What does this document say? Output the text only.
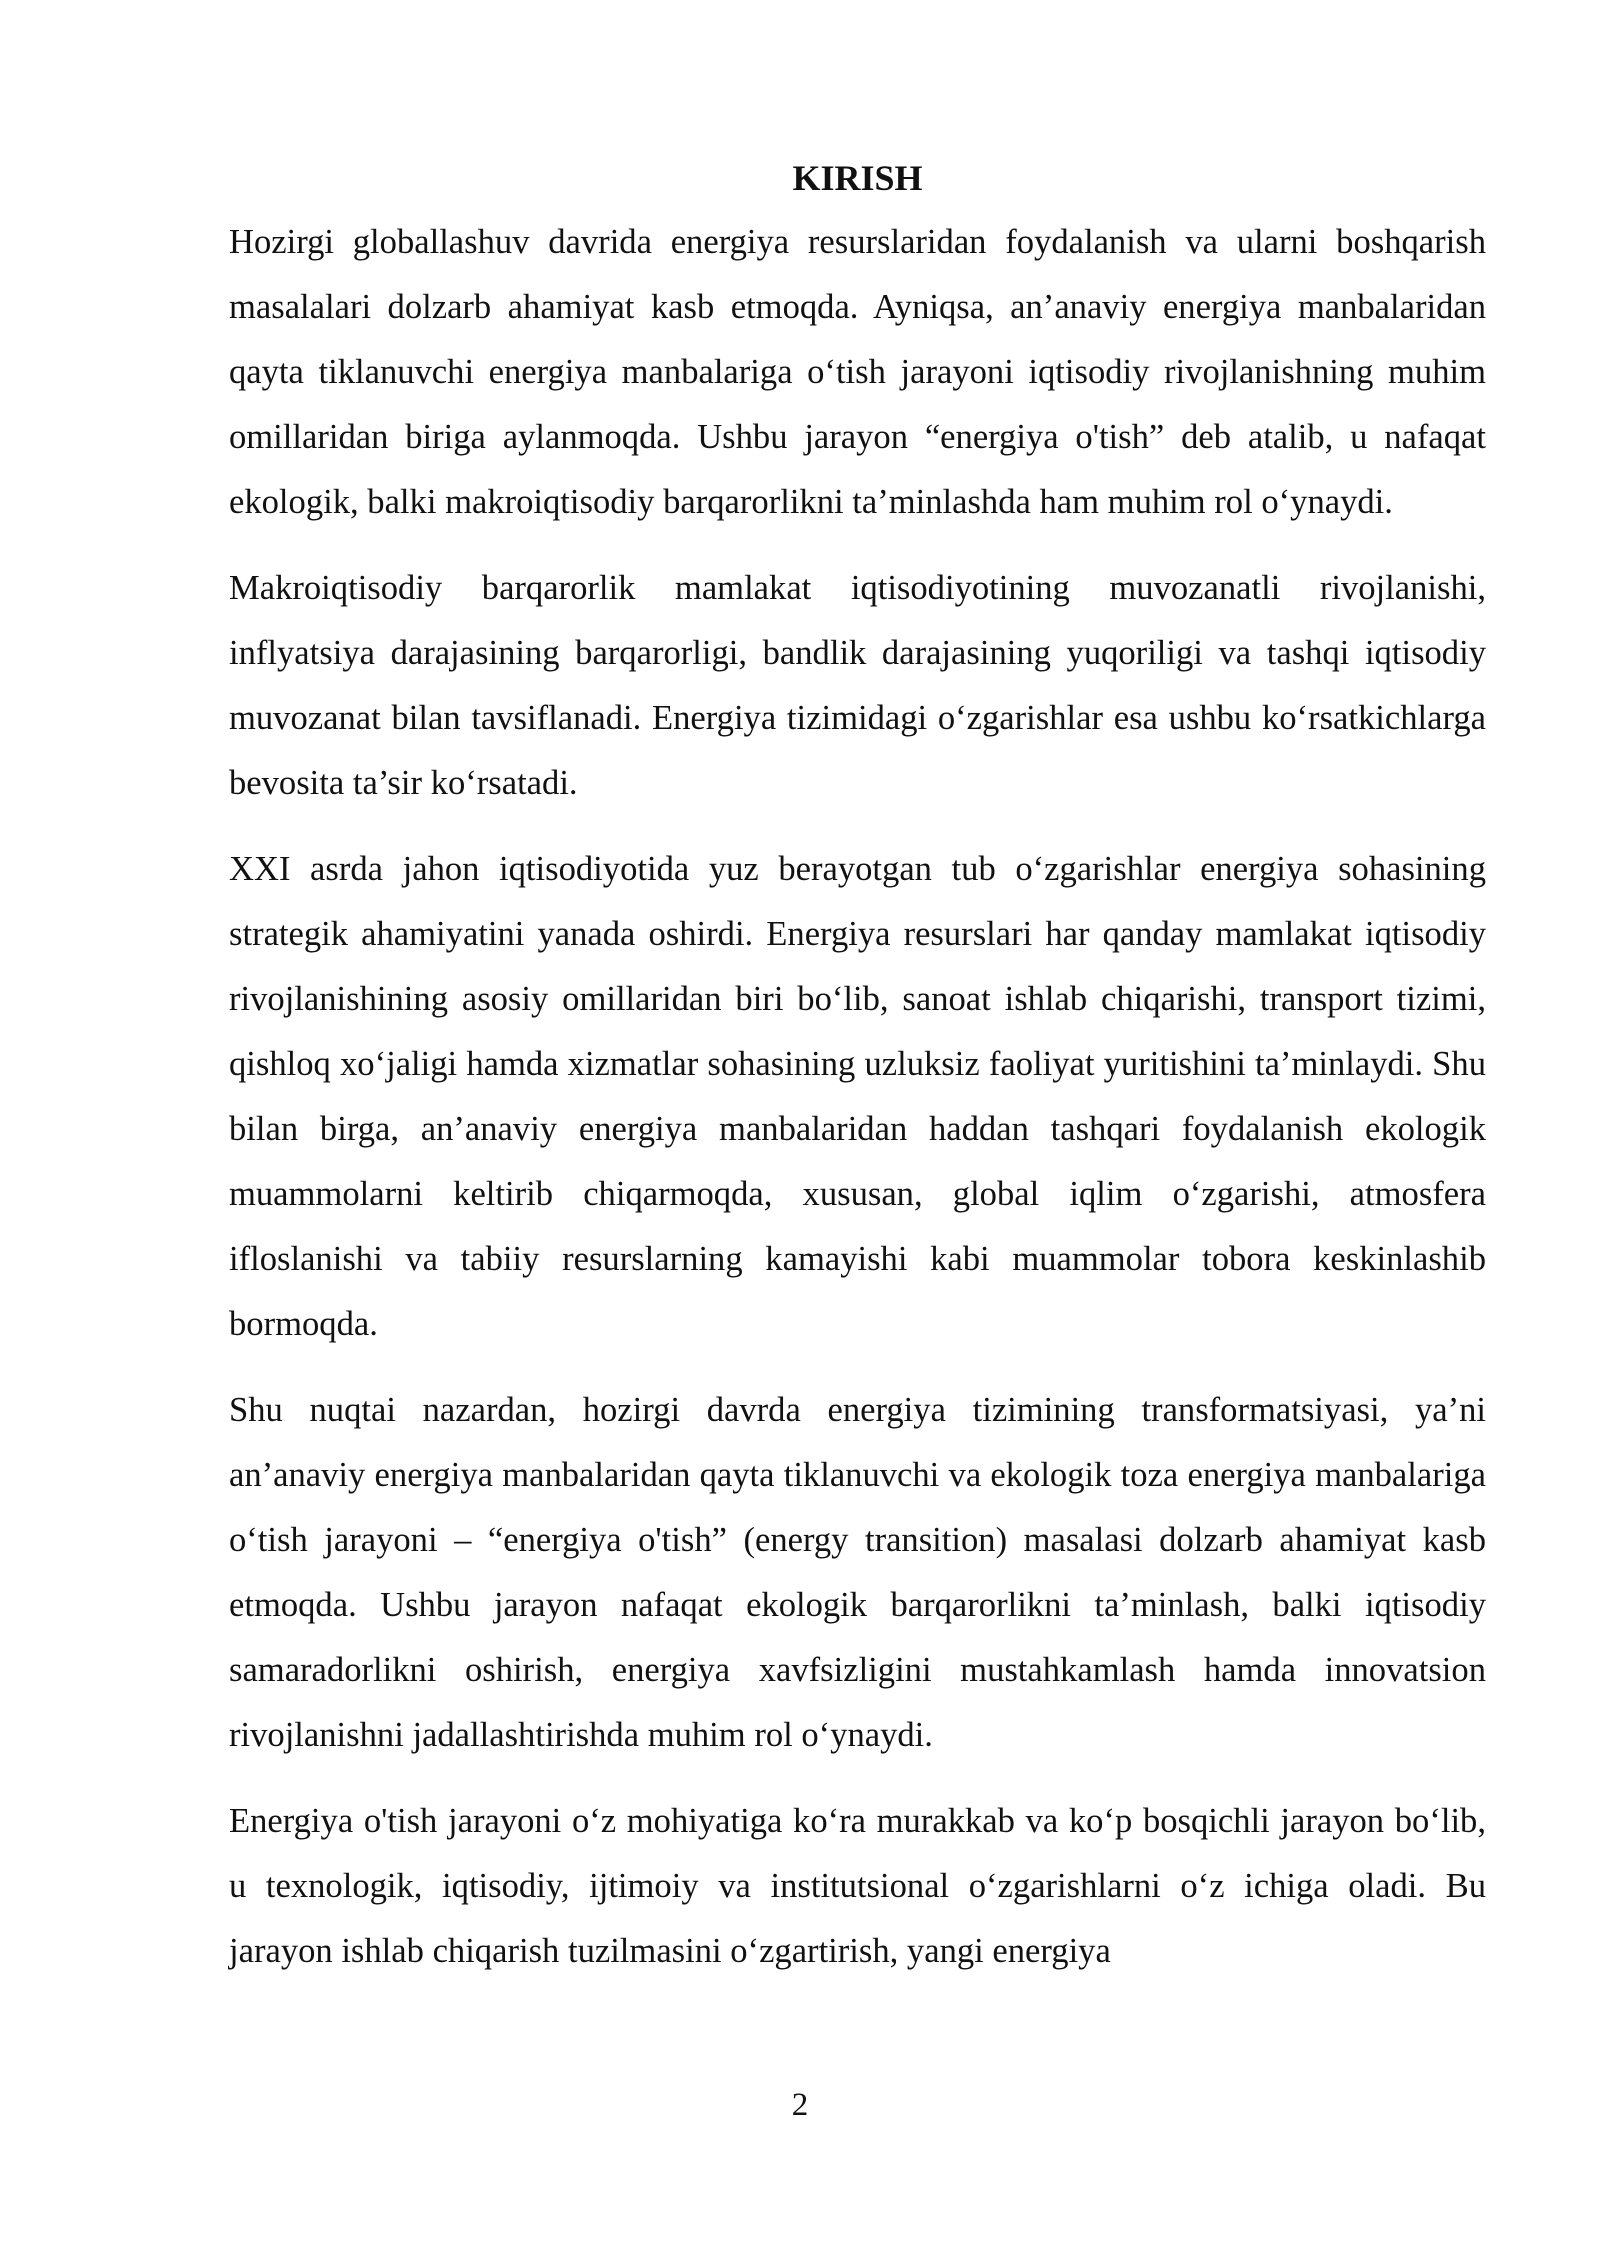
KIRISH

Hozirgi globallashuv davrida energiya resurslaridan foydalanish va ularni boshqarish masalalari dolzarb ahamiyat kasb etmoqda. Ayniqsa, an’anaviy energiya manbalaridan qayta tiklanuvchi energiya manbalariga o‘tish jarayoni iqtisodiy rivojlanishning muhim omillaridan biriga aylanmoqda. Ushbu jarayon “energiya o'tish” deb atalib, u nafaqat ekologik, balki makroiqtisodiy barqarorlikni ta’minlashda ham muhim rol o‘ynaydi.

Makroiqtisodiy barqarorlik mamlakat iqtisodiyotining muvozanatli rivojlanishi, inflyatsiya darajasining barqarorligi, bandlik darajasining yuqoriligi va tashqi iqtisodiy muvozanat bilan tavsiflanadi. Energiya tizimidagi o‘zgarishlar esa ushbu ko‘rsatkichlarga bevosita ta’sir ko‘rsatadi.

XXI asrda jahon iqtisodiyotida yuz berayotgan tub o‘zgarishlar energiya sohasining strategik ahamiyatini yanada oshirdi. Energiya resurslari har qanday mamlakat iqtisodiy rivojlanishining asosiy omillaridan biri bo‘lib, sanoat ishlab chiqarishi, transport tizimi, qishloq xo‘jaligi hamda xizmatlar sohasining uzluksiz faoliyat yuritishini ta’minlaydi. Shu bilan birga, an’anaviy energiya manbalaridan haddan tashqari foydalanish ekologik muammolarni keltirib chiqarmoqda, xususan, global iqlim o‘zgarishi, atmosfera ifloslanishi va tabiiy resurslarning kamayishi kabi muammolar tobora keskinlashib bormoqda.

Shu nuqtai nazardan, hozirgi davrda energiya tizimining transformatsiyasi, ya’ni an’anaviy energiya manbalaridan qayta tiklanuvchi va ekologik toza energiya manbalariga o‘tish jarayoni – “energiya o'tish” (energy transition) masalasi dolzarb ahamiyat kasb etmoqda. Ushbu jarayon nafaqat ekologik barqarorlikni ta’minlash, balki iqtisodiy samaradorlikni oshirish, energiya xavfsizligini mustahkamlash hamda innovatsion rivojlanishni jadallashtirishda muhim rol o‘ynaydi.

Energiya o'tish jarayoni o‘z mohiyatiga ko‘ra murakkab va ko‘p bosqichli jarayon bo‘lib, u texnologik, iqtisodiy, ijtimoiy va institutsional o‘zgarishlarni o‘z ichiga oladi. Bu jarayon ishlab chiqarish tuzilmasini o‘zgartirish, yangi energiya

2
